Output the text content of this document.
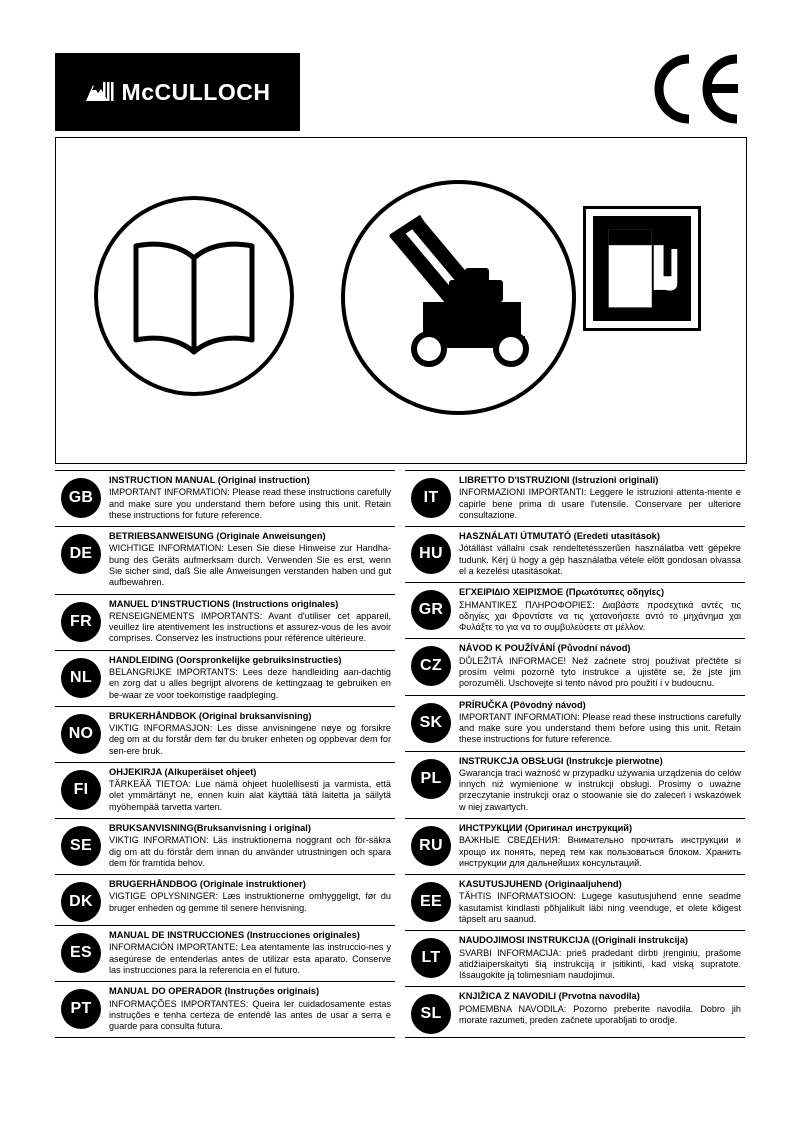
McCULLOCH
GB

INSTRUCTION MANUAL (Original instruction)

IMPORTANT INFORMATION: Please read these instructions carefully and make sure you understand them before using this unit. Retain these instructions for future reference.

DE

BETRIEBSANWEISUNG (Originale Anweisungen)

WICHTIGE INFORMATION: Lesen Sie diese Hinweise zur Handha-bung des Geräts aufmerksam durch. Verwenden Sie es erst, wenn Sie sicher sind, daß Sie alle Anweisungen verstanden haben und gut aufbewahren.

FR

MANUEL D'INSTRUCTIONS (Instructions originales)

RENSEIGNEMENTS IMPORTANTS: Avant d'utiliser cet appareil, veuillez lire atentivement les instructions et assurez-vous de les avoir comprises. Conservez les instructions pour référence ultérieure.

NL

HANDLEIDING (Oorspronkelijke gebruiksinstructies)

BELANGRIJKE IMPORTANTS: Lees deze handleiding aan-dachtig en zorg dat u alles begrijpt alvorens de kettingzaag te gebruiken en be-waar ze voor toekomstige raadpleging.

NO

BRUKERHÅNDBOK (Original bruksanvisning)

VIKTIG INFORMASJON: Les disse anvisningene nøye og forsikre deg om at du forstår dem før du bruker enheten og oppbevar dem for sen-ere bruk.

FI

OHJEKIRJA (Alkuperäiset ohjeet)

TÄRKEÄÄ TIETOA: Lue nämä ohjeet huolellisesti ja varmista, että olet ymmärtänyt ne, ennen kuin alat käyttää tätä laitetta ja säilytä myöhempää tarvetta varten.

SE

BRUKSANVISNING(Bruksanvisning i original)

VIKTIG INFORMATION: Läs instruktionerna noggrant och för-säkra dig om att du förstår dem innan du använder utrustningen och spara dem för framtida behov.

DK

BRUGERHÅNDBOG (Originale instruktioner)

VIGTIGE OPLYSNINGER: Læs instruktionerne omhyggeligt, før du bruger enheden og gemme til senere henvisning.

ES

MANUAL DE INSTRUCCIONES (Instrucciones originales)

INFORMACIÓN IMPORTANTE: Lea atentamente las instruccio-nes y asegúrese de entenderlas antes de utilizar esta aparato. Conserve las instrucciones para la referencia en el futuro.

PT

MANUAL DO OPERADOR (Instruções originais)

INFORMAÇÕES IMPORTANTES: Queira ler cuidadosamente estas instruções e tenha certeza de entendê las antes de usar a serra e guarde para consulta futura.

IT

LIBRETTO D'ISTRUZIONI (Istruzioni originali)

INFORMAZIONI IMPORTANTI: Leggere le istruzioni attenta-mente e capirle bene prima di usare l'utensile. Conservare per ulteriore consultazione.

HU

HASZNÁLATI ÚTMUTATÓ (Eredeti utasítások)

Jótállást vállalni csak rendeltetésszerűen használatba vett gépekre tudunk. Kérj ü hogy a gép használatba vétele elött gondosan olvassa el a kezelési utasitásokat.

GR

ΕΓΧΕΙΡΙ∆ΙΟ ΧΕΙΡΙΣΜΟΕ (Πρωτότυπες οδηγίες)

ΣΗΜΑΝΤΙΚΕΣ ΠΛΗΡΟΦΟΡΙΕΣ: ∆ιαβάστε προσεχτικά αvτές τις οδηγίες χαι Φροvτίστε vα τις χαταvoήσετε αvτό τo μηχάvημα χαι Φυλάξτε τo για vα τo συμβυλεύσετε στ μέλλov.

CZ

NÁVOD K POUŽÍVÁNÍ (Původní návod)

DŮLEŽITÁ INFORMACE! Než začnete stroj používat přečtěte si prosím velmi pozorně tyto instrukce a ujistěte se, že jste jim porozuměli. Uschovejte si tento návod pro použití i v budoucnu.

SK

PRÍRUČKA (Pôvodný návod)

IMPORTANT INFORMATION: Please read these instructions carefully and make sure you understand them before using this unit. Retain these instructions for future reference.

PL

INSTRUKCJA OBSŁUGI (Instrukcje pierwotne)

Gwarancja traci ważność w przypadku używania urządzenia do celów innych niż wymienione w instrukcji obsługi. Prosimy o uważne przeczytanie instrukcji oraz o stoowanie sie do zaleceń i wskazówek w niej zawartych.

RU

ИНСТРУКЦИИ (Оригинал инструкций)

ВАЖНЫЕ СВЕДЕНИЯ: Внимательно прочитать инструкции и хрощо их понять, перед тем как пользоваться блоком. Хранить инструкции для дальнейших консультаций.

EE

KASUTUSJUHEND (Originaaljuhend)

TÄHTIS INFORMATSIOON: Lugege kasutusjuhend enne seadme kasutamist kindlasti põhjalikult läbi ning veenduge, et olete kõigest täpselt aru saanud.

LT

NAUDOJIMOSI INSTRUKCIJA ((Originali instrukcija)

SVARBI INFORMACIJA: prieš pradedant dirbti įrenginiu, prašome atidžiaiperskaityti šią instrukciją ir įsitikinti, kad viską supratote. Išsaugokite ją tolimesniam naudojimui.

SL

KNJIŽICA Z NAVODILI (Prvotna navodila)

POMEMBNA NAVODILA: Pozorno preberite navodila. Dobro jih morate razumeti, preden začnete uporabljati to orodje.
